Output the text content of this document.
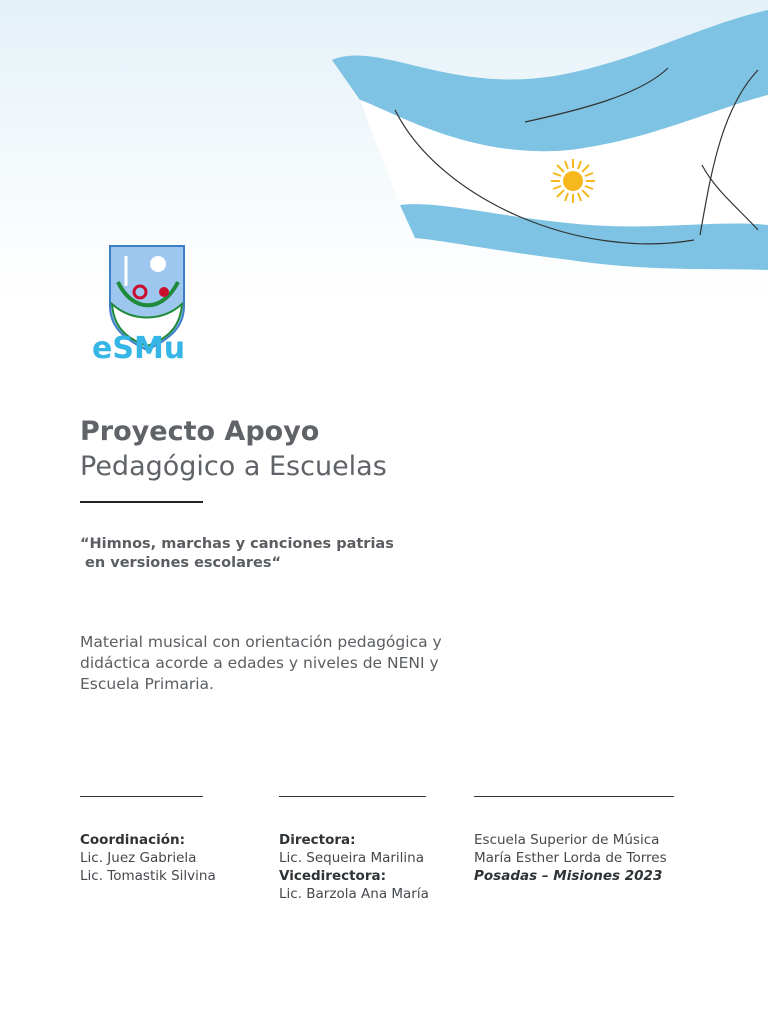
eSMu
Proyecto Apoyo
Pedagógico a Escuelas
“Himnos, marchas y canciones patrias
en versiones escolares“
Material musical con orientación pedagógica y didáctica acorde a edades y niveles de NENI y Escuela Primaria.
Coordinación:
Lic. Juez Gabriela
Lic. Tomastik Silvina
Directora:
Lic. Sequeira Marilina
Vicedirectora:
Lic. Barzola Ana María
Escuela Superior de Música
María Esther Lorda de Torres
Posadas – Misiones 2023
